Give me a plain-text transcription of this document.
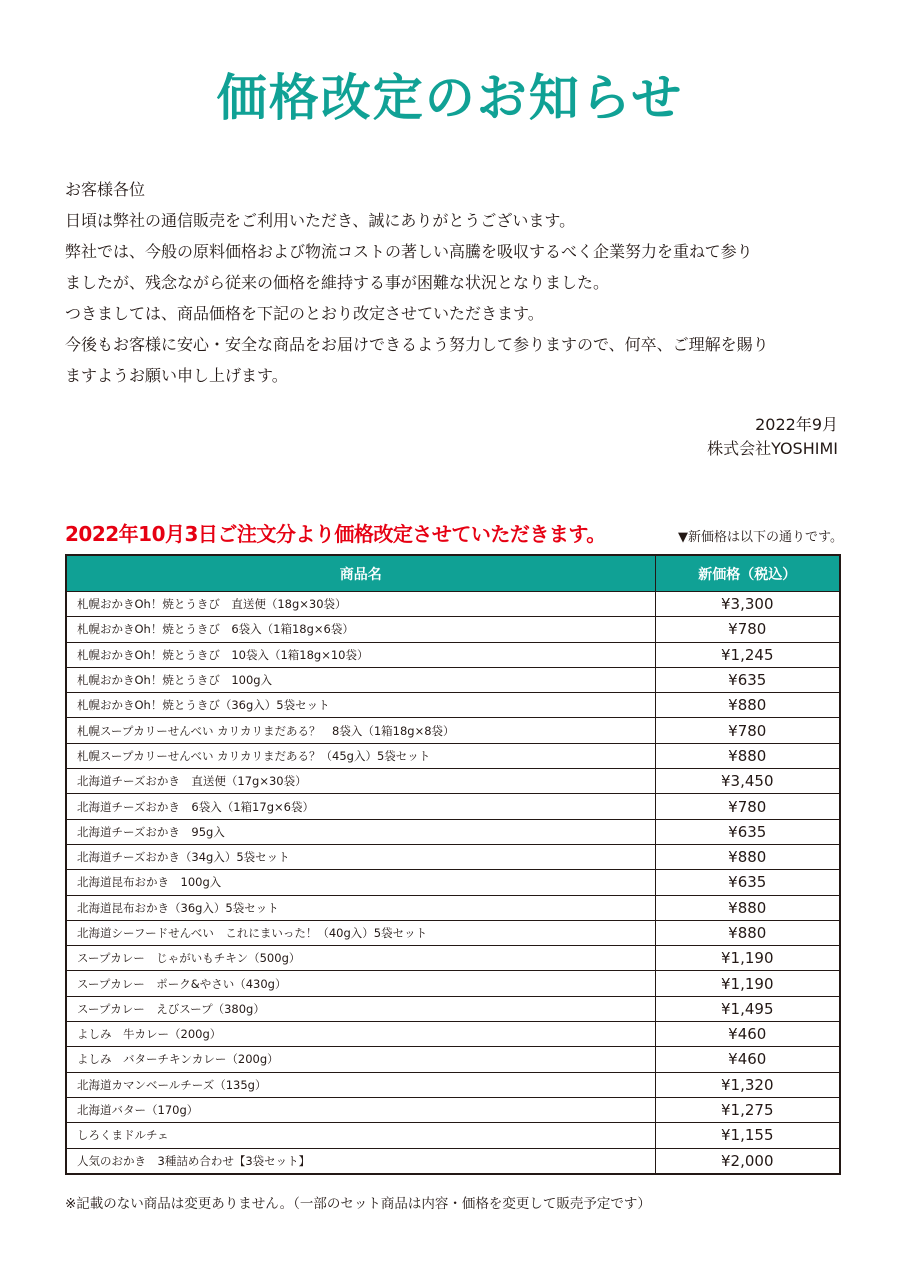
価格改定のお知らせ

お客様各位

日頃は弊社の通信販売をご利用いただき、誠にありがとうございます。

弊社では、今般の原料価格および物流コストの著しい高騰を吸収するべく企業努力を重ねて参り

ましたが、残念ながら従来の価格を維持する事が困難な状況となりました。

つきましては、商品価格を下記のとおり改定させていただきます。

今後もお客様に安心・安全な商品をお届けできるよう努力して参りますので、何卒、ご理解を賜り

ますようお願い申し上げます。

2022年9月
株式会社YOSHIMI
2022年10月3日ご注文分より価格改定させていただきます。	▼新価格は以下の通りです。
商品名	新価格（税込）
札幌おかきOh！焼とうきび　直送便（18g×30袋）	¥3,300
札幌おかきOh！焼とうきび　6袋入（1箱18g×6袋）	¥780
札幌おかきOh！焼とうきび　10袋入（1箱18g×10袋）	¥1,245
札幌おかきOh！焼とうきび　100g入	¥635
札幌おかきOh！焼とうきび（36g入）5袋セット	¥880
札幌スープカリーせんべい カリカリまだある？　8袋入（1箱18g×8袋）	¥780
札幌スープカリーせんべい カリカリまだある？（45g入）5袋セット	¥880
北海道チーズおかき　直送便（17g×30袋）	¥3,450
北海道チーズおかき　6袋入（1箱17g×6袋）	¥780
北海道チーズおかき　95g入	¥635
北海道チーズおかき（34g入）5袋セット	¥880
北海道昆布おかき　100g入	¥635
北海道昆布おかき（36g入）5袋セット	¥880
北海道シーフードせんべい　これにまいった！（40g入）5袋セット	¥880
スープカレー　じゃがいもチキン（500g）	¥1,190
スープカレー　ポーク&やさい（430g）	¥1,190
スープカレー　えびスープ（380g）	¥1,495
よしみ　牛カレー（200g）	¥460
よしみ　バターチキンカレー（200g）	¥460
北海道カマンベールチーズ（135g）	¥1,320
北海道バター（170g）	¥1,275
しろくまドルチェ	¥1,155
人気のおかき　3種詰め合わせ【3袋セット】	¥2,000
※記載のない商品は変更ありません。（一部のセット商品は内容・価格を変更して販売予定です）
